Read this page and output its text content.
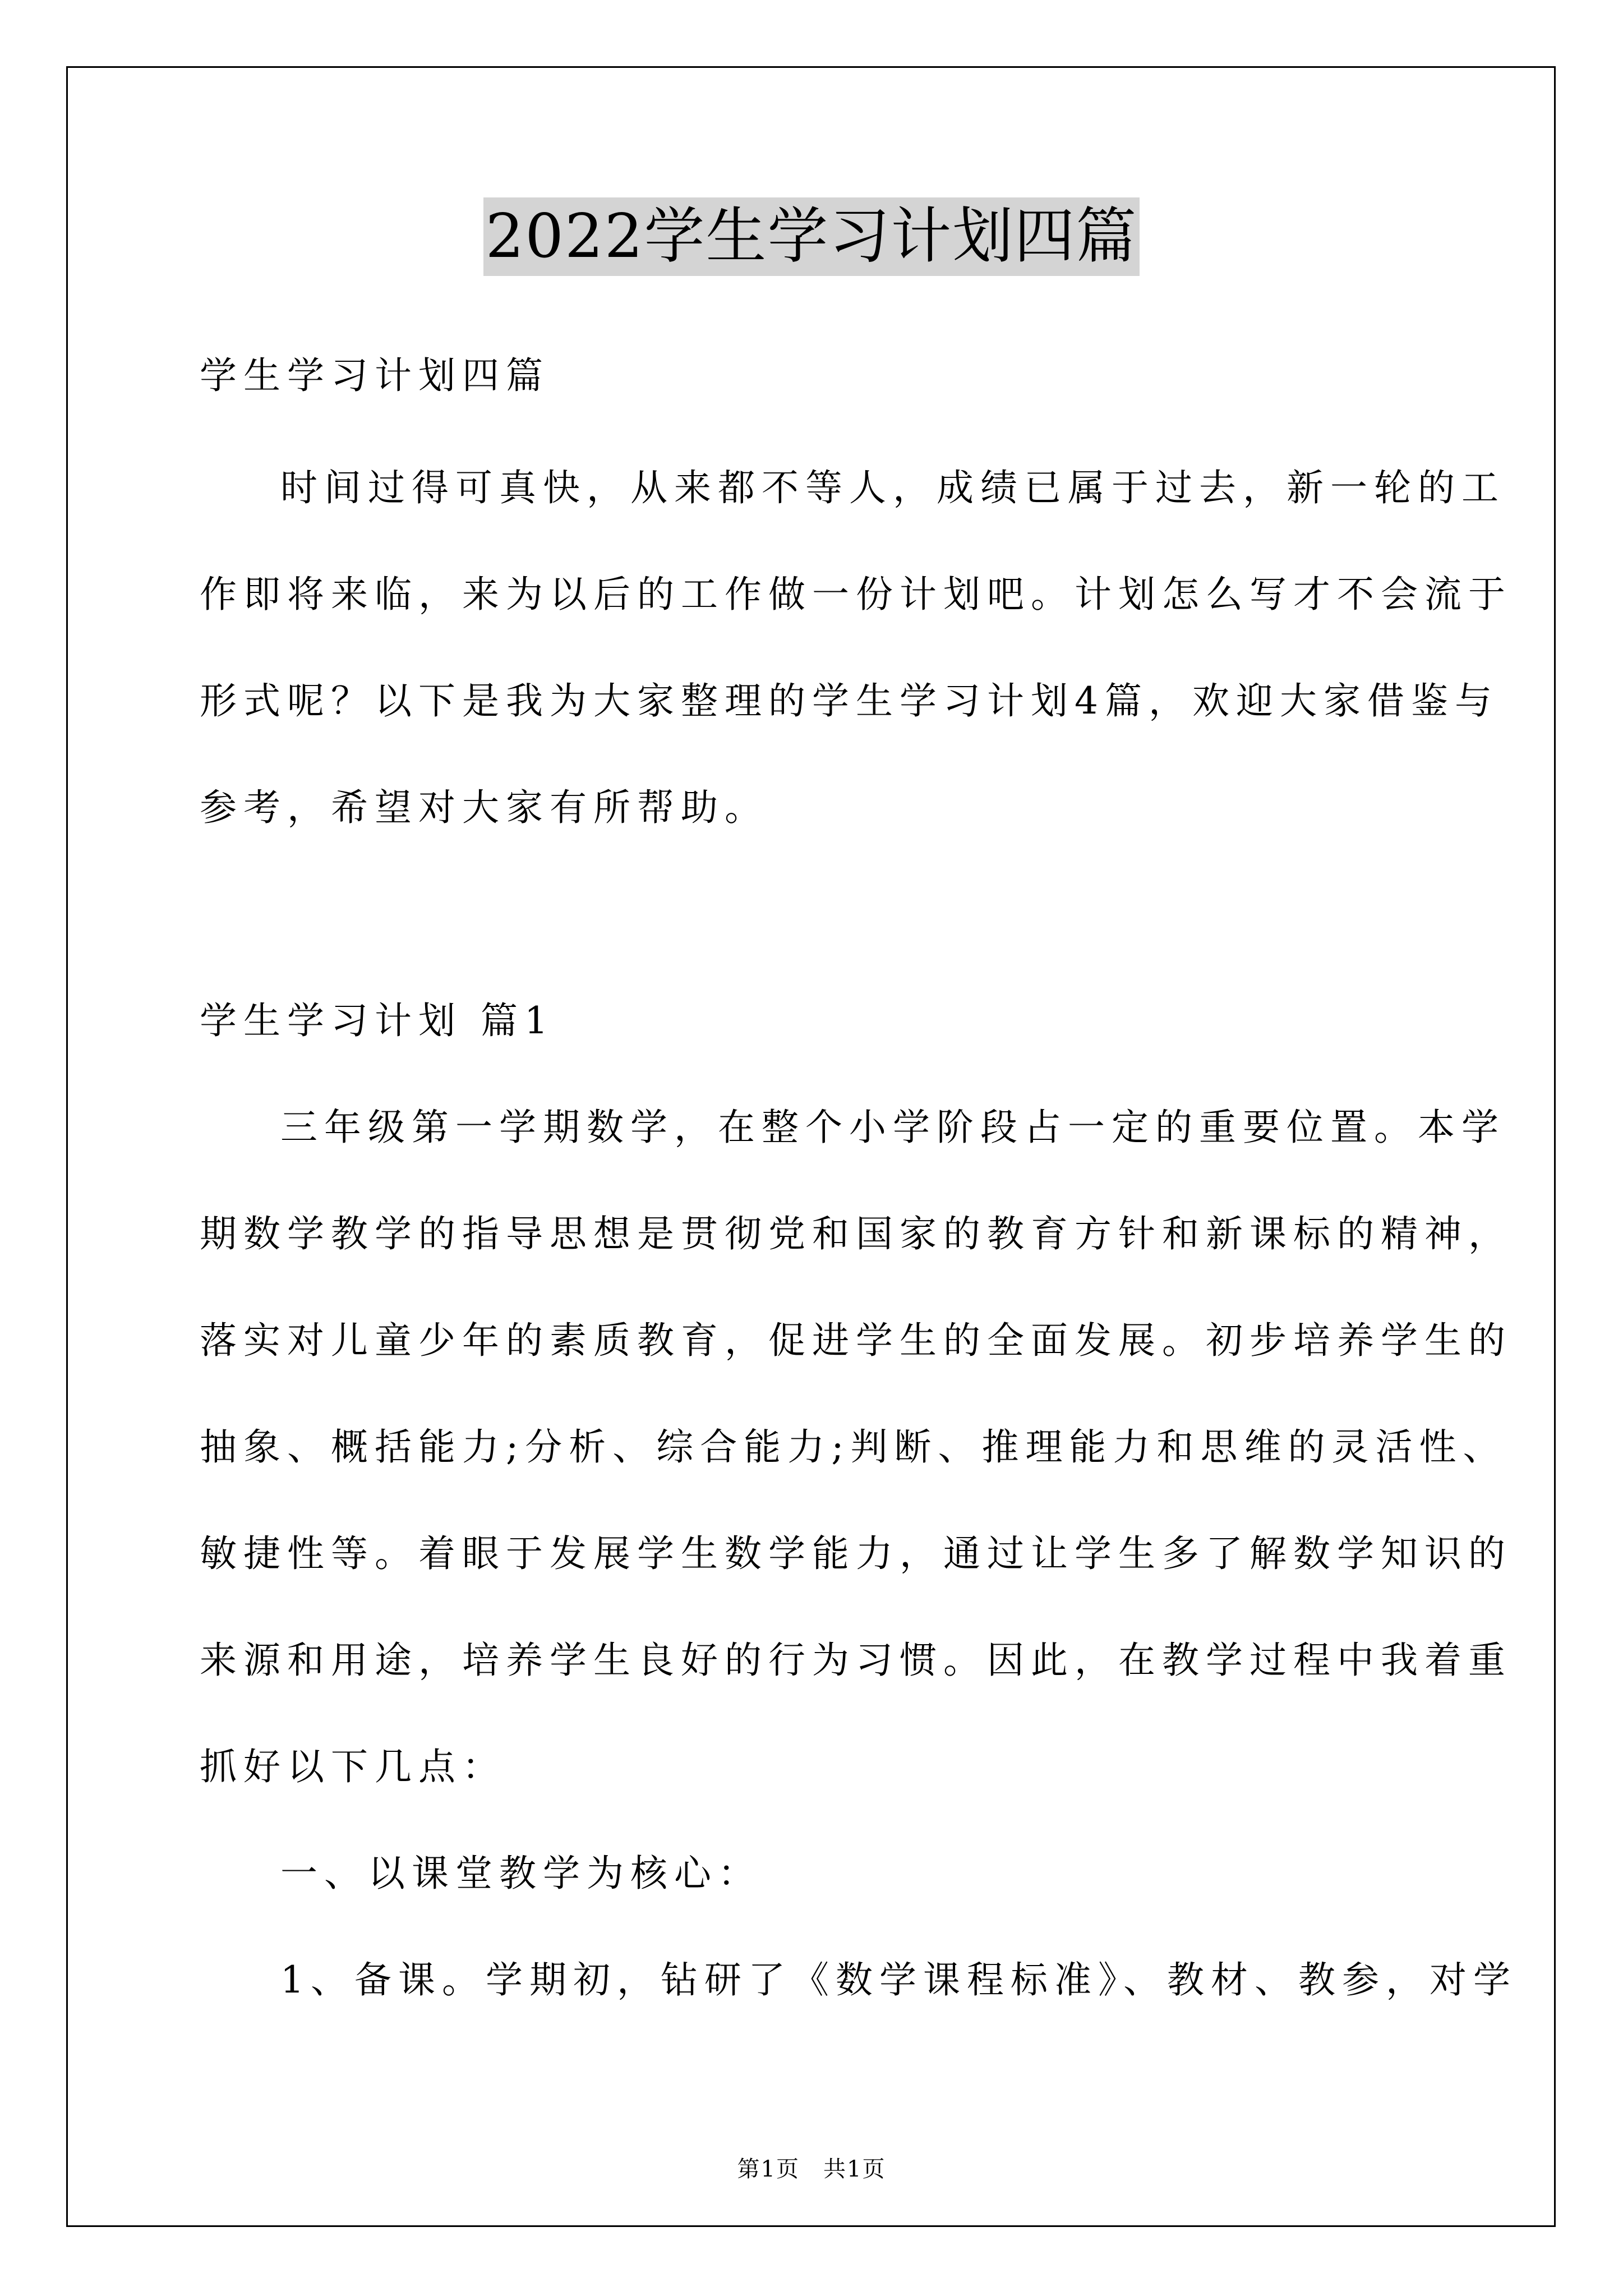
2022学生学习计划四篇
学生学习计划四篇
时间过得可真快，从来都不等人，成绩已属于过去，新一轮的工
作即将来临，来为以后的工作做一份计划吧。计划怎么写才不会流于
形式呢？以下是我为大家整理的学生学习计划4篇，欢迎大家借鉴与
参考，希望对大家有所帮助。
学生学习计划 篇1
三年级第一学期数学，在整个小学阶段占一定的重要位置。本学
期数学教学的指导思想是贯彻党和国家的教育方针和新课标的精神，
落实对儿童少年的素质教育，促进学生的全面发展。初步培养学生的
抽象、概括能力;分析、综合能力;判断、推理能力和思维的灵活性、
敏捷性等。着眼于发展学生数学能力，通过让学生多了解数学知识的
来源和用途，培养学生良好的行为习惯。因此，在教学过程中我着重
抓好以下几点：
一、以课堂教学为核心：
1、备课。学期初，钻研了《数学课程标准》、教材、教参，对学
第1页　共1页
